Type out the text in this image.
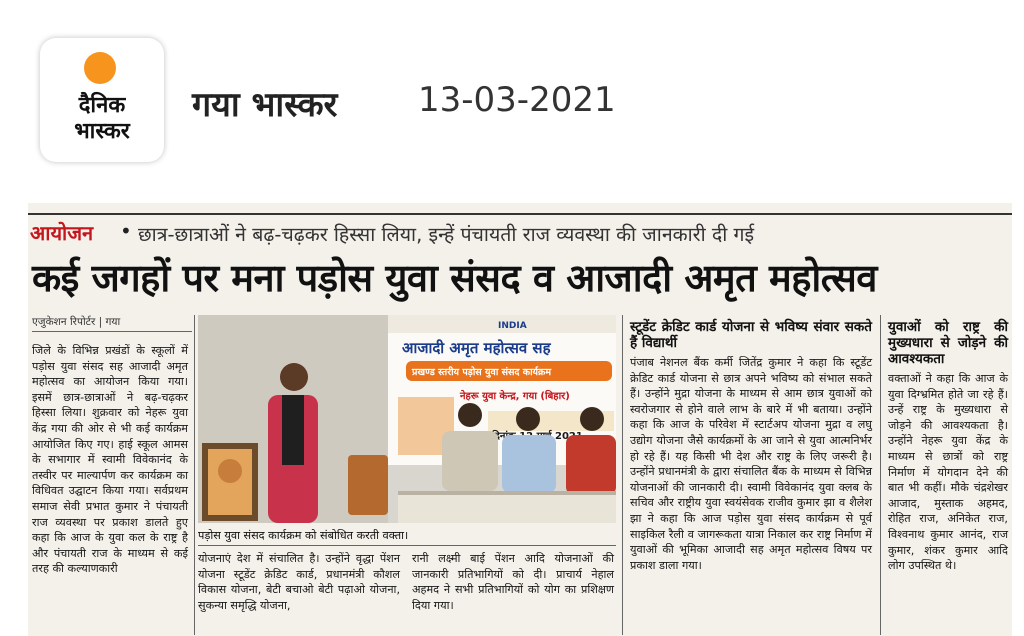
दैनिक
भास्कर
गया भास्कर 13-03-2021
आयोजन • छात्र-छात्राओं ने बढ़-चढ़कर हिस्सा लिया, इन्हें पंचायती राज व्यवस्था की जानकारी दी गई
कई जगहों पर मना पड़ोस युवा संसद व आजादी अमृत महोत्सव
एजुकेशन रिपोर्टर | गया

जिले के विभिन्न प्रखंडों के स्कूलों में पड़ोस युवा संसद सह आजादी अमृत महोत्सव का आयोजन किया गया। इसमें छात्र-छात्राओं ने बढ़-चढ़कर हिस्सा लिया। शुक्रवार को नेहरू युवा केंद्र गया की ओर से भी कई कार्यक्रम आयोजित किए गए। हाई स्कूल आमस के सभागार में स्वामी विवेकानंद के तस्वीर पर माल्यार्पण कर कार्यक्रम का विधिवत उद्घाटन किया गया। सर्वप्रथम समाज सेवी प्रभात कुमार ने पंचायती राज व्यवस्था पर प्रकाश डालते हुए कहा कि आज के युवा कल के राष्ट्र है और पंचायती राज के माध्यम से कई तरह की कल्याणकारी

INDIA
आजादी अमृत महोत्सव सह
प्रखण्ड स्तरीय पड़ोस युवा संसद कार्यक्रम
नेहरू युवा केन्द्र, गया (बिहार)
दिनांक 2021
पड़ोस युवा संसद कार्यक्रम को संबोधित करती वक्ता।

योजनाएं देश में संचालित है। उन्होंने वृद्धा पेंशन योजना स्टूडेंट क्रेडिट कार्ड, प्रधानमंत्री कौशल विकास योजना, बेटी बचाओ बेटी पढ़ाओ योजना, सुकन्या समृद्धि योजना,

रानी लक्ष्मी बाई पेंशन आदि योजनाओं की जानकारी प्रतिभागियों को दी। प्राचार्य नेहाल अहमद ने सभी प्रतिभागियों को योग का प्रशिक्षण दिया गया।

स्टूडेंट क्रेडिट कार्ड योजना से भविष्य संवार सकते हैं विद्यार्थी

पंजाब नेशनल बैंक कर्मी जितेंद्र कुमार ने कहा कि स्टूडेंट क्रेडिट कार्ड योजना से छात्र अपने भविष्य को संभाल सकते हैं। उन्होंने मुद्रा योजना के माध्यम से आम छात्र युवाओं को स्वरोजगार से होने वाले लाभ के बारे में भी बताया। उन्होंने कहा कि आज के परिवेश में स्टार्टअप योजना मुद्रा व लघु उद्योग योजना जैसे कार्यक्रमों के आ जाने से युवा आत्मनिर्भर हो रहे हैं। यह किसी भी देश और राष्ट्र के लिए जरूरी है। उन्होंने प्रधानमंत्री के द्वारा संचालित बैंक के माध्यम से विभिन्न योजनाओं की जानकारी दी। स्वामी विवेकानंद युवा क्लब के सचिव और राष्ट्रीय युवा स्वयंसेवक राजीव कुमार झा व शैलेश झा ने कहा कि आज पड़ोस युवा संसद कार्यक्रम से पूर्व साइकिल रैली व जागरूकता यात्रा निकाल कर राष्ट्र निर्माण में युवाओं की भूमिका आजादी सह अमृत महोत्सव विषय पर प्रकाश डाला गया।

युवाओं को राष्ट्र की मुख्यधारा से जोड़ने की आवश्यकता

वक्ताओं ने कहा कि आज के युवा दिग्भ्रमित होते जा रहे हैं। उन्हें राष्ट्र के मुख्यधारा से जोड़ने की आवश्यकता है। उन्होंने नेहरू युवा केंद्र के माध्यम से छात्रों को राष्ट्र निर्माण में योगदान देने की बात भी कहीं। मौके चंद्रशेखर आजाद, मुस्ताक अहमद, रोहित राज, अनिकेत राज, विश्वनाथ कुमार आनंद, राज कुमार, शंकर कुमार आदि लोग उपस्थित थे।
